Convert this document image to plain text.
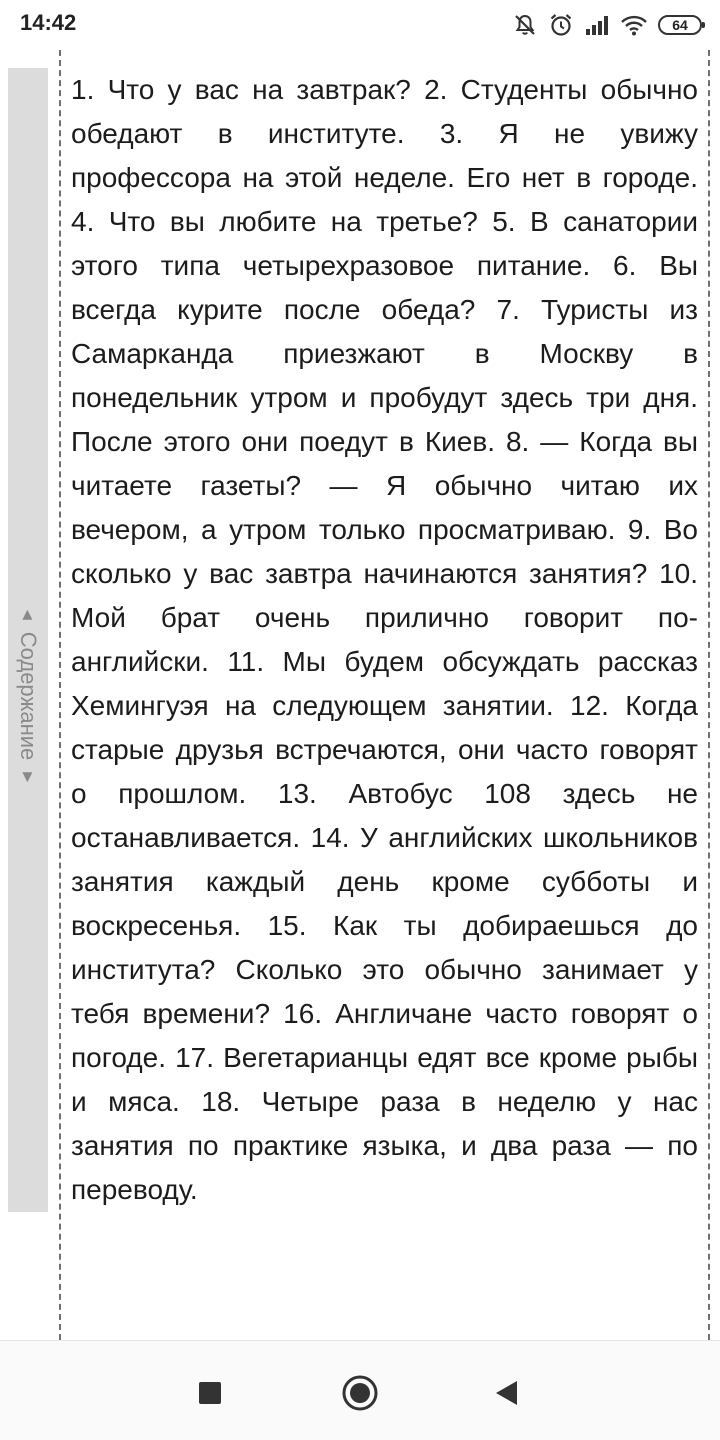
14:42	64
◀
Содержание
▶

1. Что у вас на завтрак? 2. Студенты обычно обедают в институте. 3. Я не увижу профессора на этой неделе. Его нет в городе. 4. Что вы любите на третье? 5. В санатории этого типа четырехразовое питание. 6. Вы всегда курите после обеда? 7. Туристы из Самарканда приезжают в Москву в понедельник утром и пробудут здесь три дня. После этого они поедут в Киев. 8. — Когда вы читаете газеты? — Я обычно читаю их вечером, а утром только просматриваю. 9. Во сколько у вас завтра начинаются занятия? 10. Мой брат очень прилично говорит по-английски. 11. Мы будем обсуждать рассказ Хемингуэя на следующем занятии. 12. Когда старые друзья встречаются, они часто говорят о прошлом. 13. Автобус 108 здесь не останавливается. 14. У английских школьников занятия каждый день кроме субботы и воскресенья. 15. Как ты добираешься до института? Сколько это обычно занимает у тебя времени? 16. Англичане часто говорят о погоде. 17. Вегетарианцы едят все кроме рыбы и мяса. 18. Четыре раза в неделю у нас занятия по практике языка, и два раза — по переводу.
